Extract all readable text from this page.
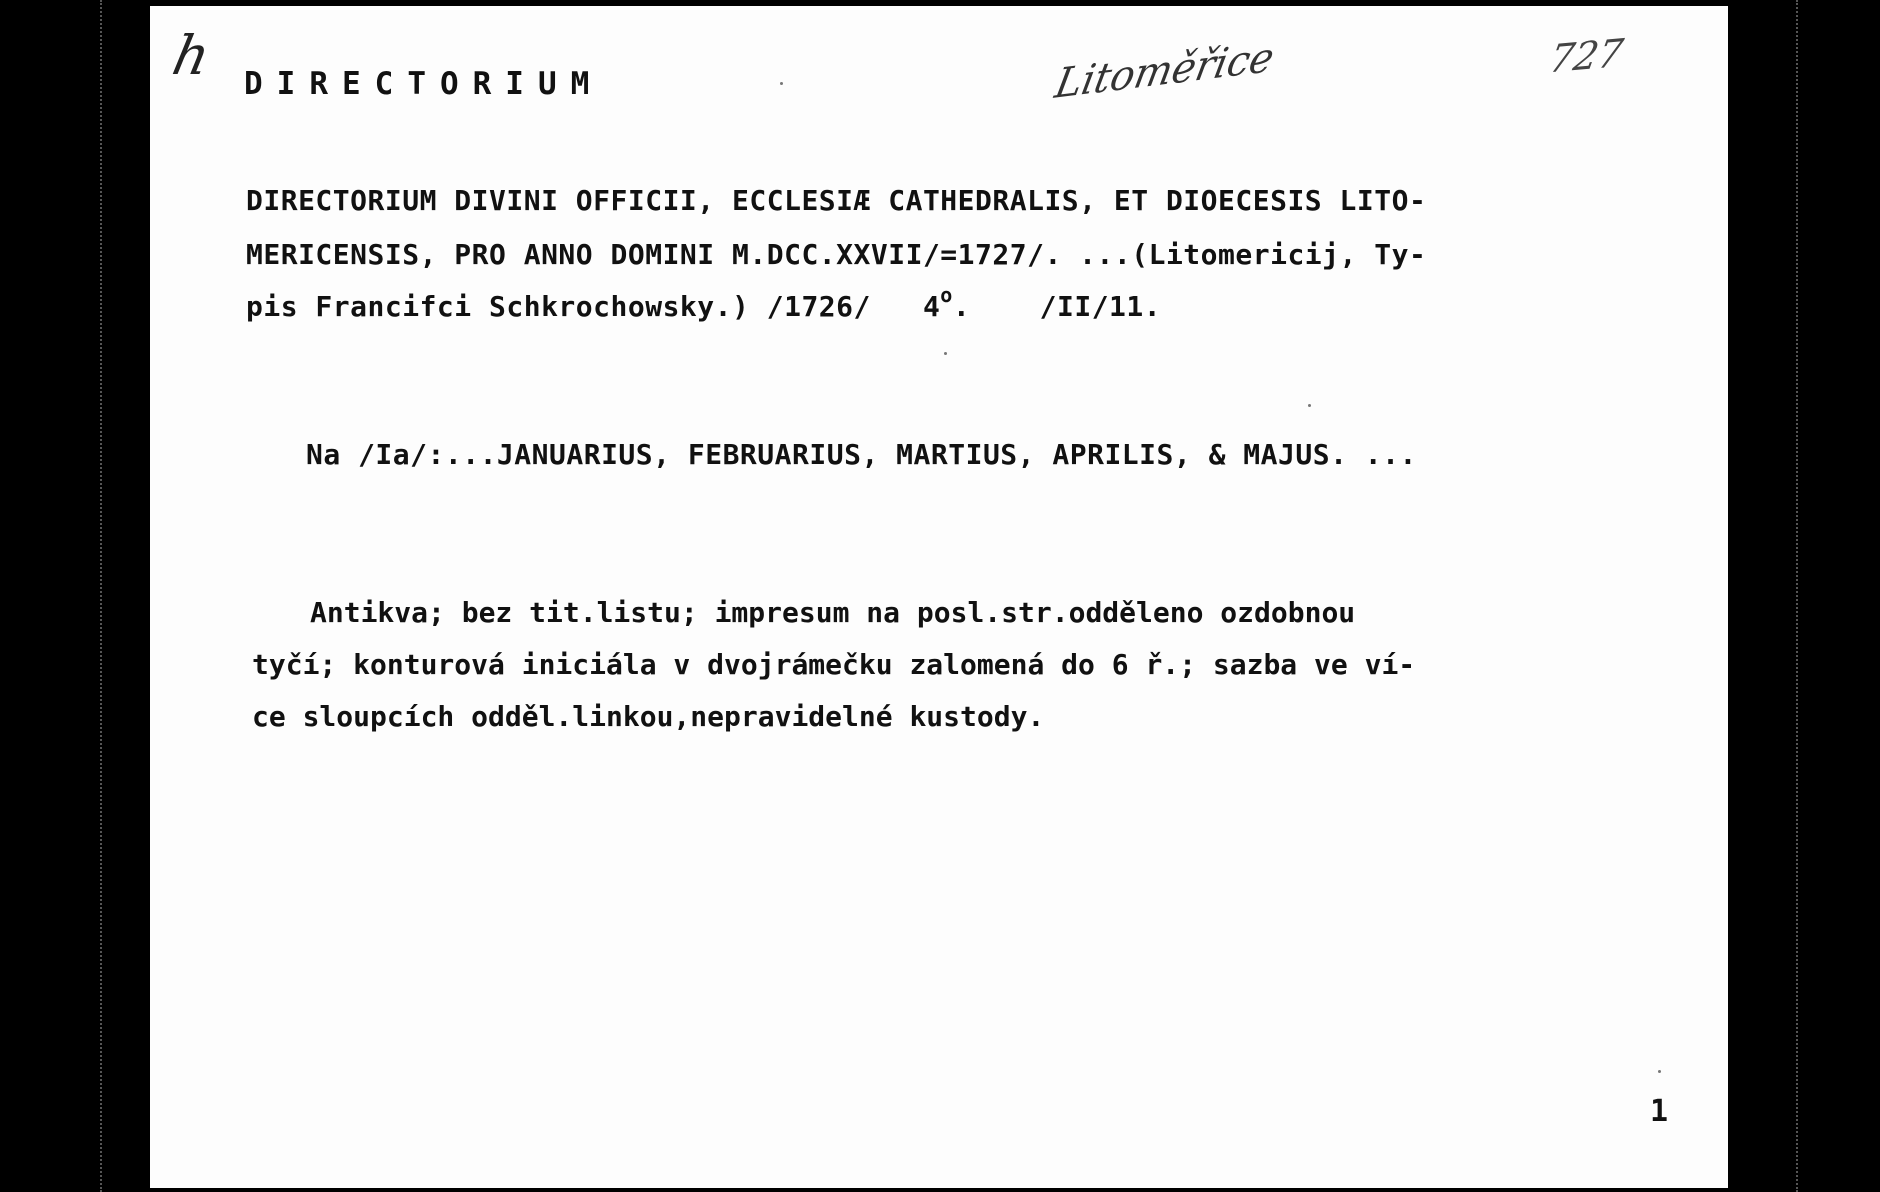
h DIRECTORIUM	Litoměřice	727

DIRECTORIUM DIVINI OFFICII, ECCLESIÆ CATHEDRALIS, ET DIOECESIS LITO-

MERICENSIS, PRO ANNO DOMINI M.DCC.XXVII/=1727/. ...(Litomericij, Ty-

pis Francifci Schkrochowsky.) /1726/   4$^o$.    /II/11.

Na /Ia/:...JANUARIUS, FEBRUARIUS, MARTIUS, APRILIS, & MAJUS. ...

Antikva; bez tit.listu; impresum na posl.str.odděleno ozdobnou

tyčí; konturová iniciála v dvojrámečku zalomená do 6 ř.; sazba ve ví-

ce sloupcích odděl.linkou,nepravidelné kustody.

1
